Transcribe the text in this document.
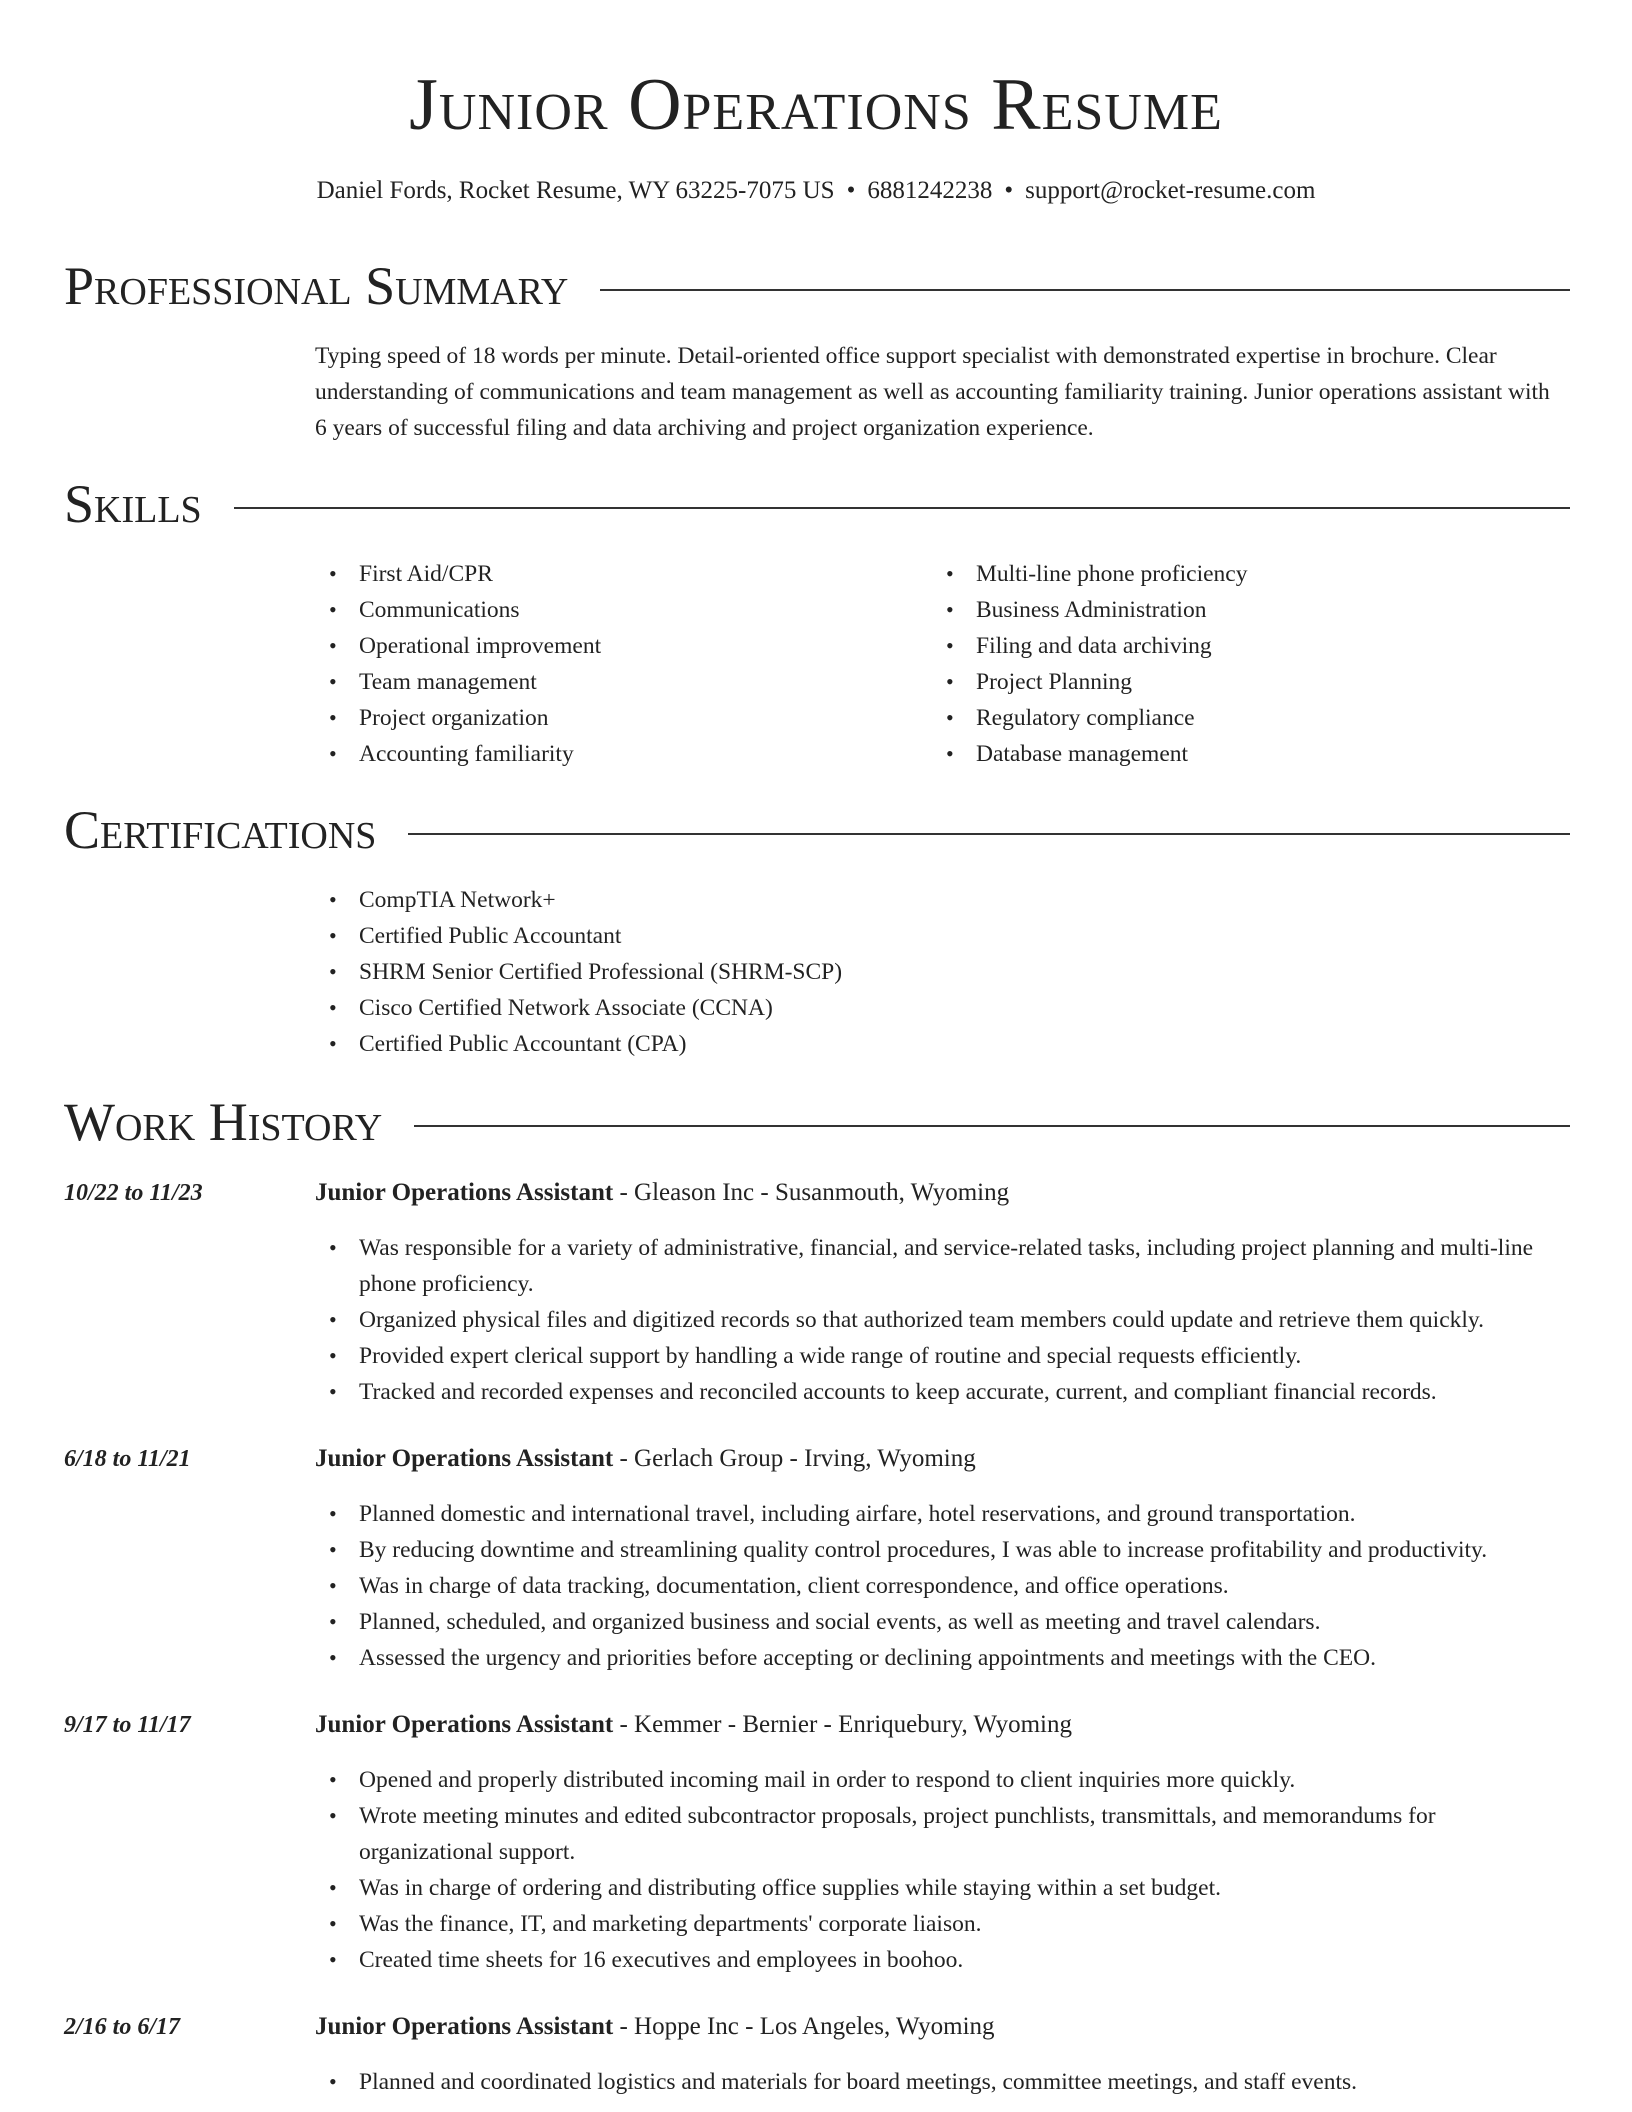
Junior Operations Resume
Daniel Fords, Rocket Resume, WY 63225-7075 US • 6881242238 • support@rocket-resume.com
Professional Summary

Typing speed of 18 words per minute. Detail-oriented office support specialist with demonstrated expertise in brochure. Clear understanding of communications and team management as well as accounting familiarity training. Junior operations assistant with 6 years of successful filing and data archiving and project organization experience.

Skills
• First Aid/CPR
• Communications
• Operational improvement
• Team management
• Project organization
• Accounting familiarity
• Multi-line phone proficiency
• Business Administration
• Filing and data archiving
• Project Planning
• Regulatory compliance
• Database management
Certifications
• CompTIA Network+
• Certified Public Accountant
• SHRM Senior Certified Professional (SHRM-SCP)
• Cisco Certified Network Associate (CCNA)
• Certified Public Accountant (CPA)
Work History
10/22 to 11/23	Junior Operations Assistant - Gleason Inc - Susanmouth, Wyoming
• Was responsible for a variety of administrative, financial, and service-related tasks, including project planning and multi-line phone proficiency.
• Organized physical files and digitized records so that authorized team members could update and retrieve them quickly.
• Provided expert clerical support by handling a wide range of routine and special requests efficiently.
• Tracked and recorded expenses and reconciled accounts to keep accurate, current, and compliant financial records.
6/18 to 11/21	Junior Operations Assistant - Gerlach Group - Irving, Wyoming
• Planned domestic and international travel, including airfare, hotel reservations, and ground transportation.
• By reducing downtime and streamlining quality control procedures, I was able to increase profitability and productivity.
• Was in charge of data tracking, documentation, client correspondence, and office operations.
• Planned, scheduled, and organized business and social events, as well as meeting and travel calendars.
• Assessed the urgency and priorities before accepting or declining appointments and meetings with the CEO.
9/17 to 11/17	Junior Operations Assistant - Kemmer - Bernier - Enriquebury, Wyoming
• Opened and properly distributed incoming mail in order to respond to client inquiries more quickly.
• Wrote meeting minutes and edited subcontractor proposals, project punchlists, transmittals, and memorandums for organizational support.
• Was in charge of ordering and distributing office supplies while staying within a set budget.
• Was the finance, IT, and marketing departments' corporate liaison.
• Created time sheets for 16 executives and employees in boohoo.
2/16 to 6/17	Junior Operations Assistant - Hoppe Inc - Los Angeles, Wyoming
• Planned and coordinated logistics and materials for board meetings, committee meetings, and staff events.
